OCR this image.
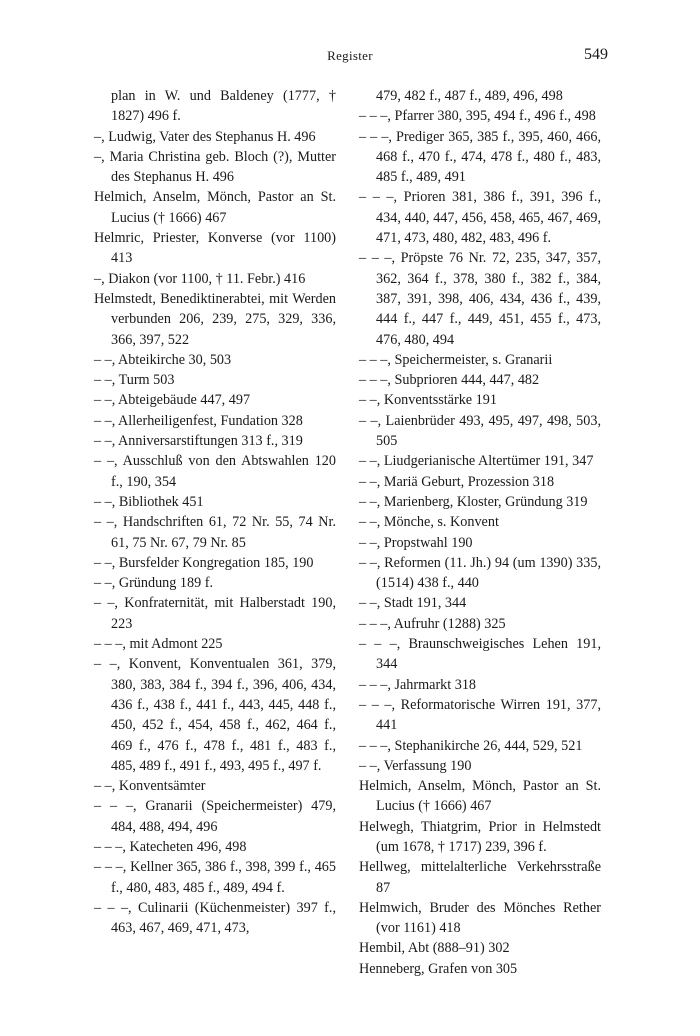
Register	549

plan in W. und Baldeney (1777, † 1827) 496 f.

–, Ludwig, Vater des Stephanus H. 496

–, Maria Christina geb. Bloch (?), Mutter des Stephanus H. 496

Helmich, Anselm, Mönch, Pastor an St. Lucius († 1666) 467

Helmric, Priester, Konverse (vor 1100) 413

–, Diakon (vor 1100, † 11. Febr.) 416

Helmstedt, Benediktinerabtei, mit Werden verbunden 206, 239, 275, 329, 336, 366, 397, 522

– –, Abteikirche 30, 503

– –, Turm 503

– –, Abteigebäude 447, 497

– –, Allerheiligenfest, Fundation 328

– –, Anniversarstiftungen 313 f., 319

– –, Ausschluß von den Abtswahlen 120 f., 190, 354

– –, Bibliothek 451

– –, Handschriften 61, 72 Nr. 55, 74 Nr. 61, 75 Nr. 67, 79 Nr. 85

– –, Bursfelder Kongregation 185, 190

– –, Gründung 189 f.

– –, Konfraternität, mit Halberstadt 190, 223

– – –, mit Admont 225

– –, Konvent, Konventualen 361, 379, 380, 383, 384 f., 394 f., 396, 406, 434, 436 f., 438 f., 441 f., 443, 445, 448 f., 450, 452 f., 454, 458 f., 462, 464 f., 469 f., 476 f., 478 f., 481 f., 483 f., 485, 489 f., 491 f., 493, 495 f., 497 f.

– –, Konventsämter

– – –, Granarii (Speichermeister) 479, 484, 488, 494, 496

– – –, Katecheten 496, 498

– – –, Kellner 365, 386 f., 398, 399 f., 465 f., 480, 483, 485 f., 489, 494 f.

– – –, Culinarii (Küchenmeister) 397 f., 463, 467, 469, 471, 473,

479, 482 f., 487 f., 489, 496, 498

– – –, Pfarrer 380, 395, 494 f., 496 f., 498

– – –, Prediger 365, 385 f., 395, 460, 466, 468 f., 470 f., 474, 478 f., 480 f., 483, 485 f., 489, 491

– – –, Prioren 381, 386 f., 391, 396 f., 434, 440, 447, 456, 458, 465, 467, 469, 471, 473, 480, 482, 483, 496 f.

– – –, Pröpste 76 Nr. 72, 235, 347, 357, 362, 364 f., 378, 380 f., 382 f., 384, 387, 391, 398, 406, 434, 436 f., 439, 444 f., 447 f., 449, 451, 455 f., 473, 476, 480, 494

– – –, Speichermeister, s. Granarii

– – –, Subprioren 444, 447, 482

– –, Konventsstärke 191

– –, Laienbrüder 493, 495, 497, 498, 503, 505

– –, Liudgerianische Altertümer 191, 347

– –, Mariä Geburt, Prozession 318

– –, Marienberg, Kloster, Gründung 319

– –, Mönche, s. Konvent

– –, Propstwahl 190

– –, Reformen (11. Jh.) 94 (um 1390) 335, (1514) 438 f., 440

– –, Stadt 191, 344

– – –, Aufruhr (1288) 325

– – –, Braunschweigisches Lehen 191, 344

– – –, Jahrmarkt 318

– – –, Reformatorische Wirren 191, 377, 441

– – –, Stephanikirche 26, 444, 529, 521

– –, Verfassung 190

Helmich, Anselm, Mönch, Pastor an St. Lucius († 1666) 467

Helwegh, Thiatgrim, Prior in Helmstedt (um 1678, † 1717) 239, 396 f.

Hellweg, mittelalterliche Verkehrsstraße 87

Helmwich, Bruder des Mönches Rether (vor 1161) 418

Hembil, Abt (888–91) 302

Henneberg, Grafen von 305
